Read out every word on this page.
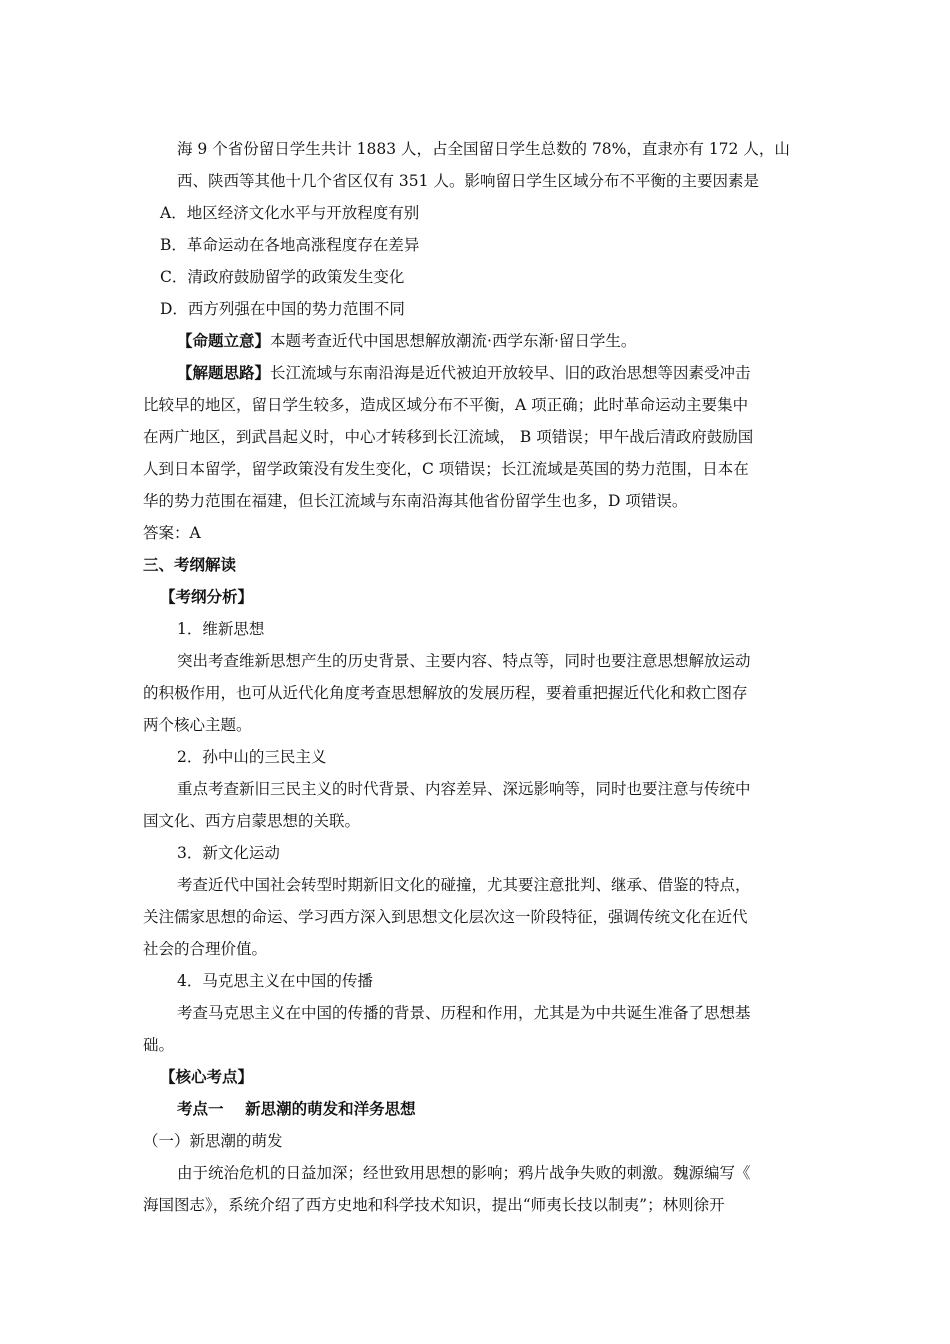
海 9 个省份留日学生共计 1883 人，占全国留日学生总数的 78%，直隶亦有 172 人，山
西、陕西等其他十几个省区仅有 351 人。影响留日学生区域分布不平衡的主要因素是
A．地区经济文化水平与开放程度有别
B．革命运动在各地高涨程度存在差异
C．清政府鼓励留学的政策发生变化
D．西方列强在中国的势力范围不同
【命题立意】本题考查近代中国思想解放潮流·西学东渐·留日学生。
【解题思路】长江流域与东南沿海是近代被迫开放较早、旧的政治思想等因素受冲击
比较早的地区，留日学生较多，造成区域分布不平衡，A 项正确；此时革命运动主要集中
在两广地区，到武昌起义时，中心才转移到长江流域， B 项错误；甲午战后清政府鼓励国
人到日本留学，留学政策没有发生变化，C 项错误；长江流域是英国的势力范围，日本在
华的势力范围在福建，但长江流域与东南沿海其他省份留学生也多，D 项错误。
答案：A
三、考纲解读
【考纲分析】
1．维新思想
突出考查维新思想产生的历史背景、主要内容、特点等，同时也要注意思想解放运动
的积极作用，也可从近代化角度考查思想解放的发展历程，要着重把握近代化和救亡图存
两个核心主题。
2．孙中山的三民主义
重点考查新旧三民主义的时代背景、内容差异、深远影响等，同时也要注意与传统中
国文化、西方启蒙思想的关联。
3．新文化运动
考查近代中国社会转型时期新旧文化的碰撞，尤其要注意批判、继承、借鉴的特点，
关注儒家思想的命运、学习西方深入到思想文化层次这一阶段特征，强调传统文化在近代
社会的合理价值。
4．马克思主义在中国的传播
考查马克思主义在中国的传播的背景、历程和作用，尤其是为中共诞生准备了思想基
础。
【核心考点】
考点一    新思潮的萌发和洋务思想
（一）新思潮的萌发
由于统治危机的日益加深；经世致用思想的影响；鸦片战争失败的刺激。魏源编写《
海国图志》，系统介绍了西方史地和科学技术知识，提出“师夷长技以制夷”；林则徐开
